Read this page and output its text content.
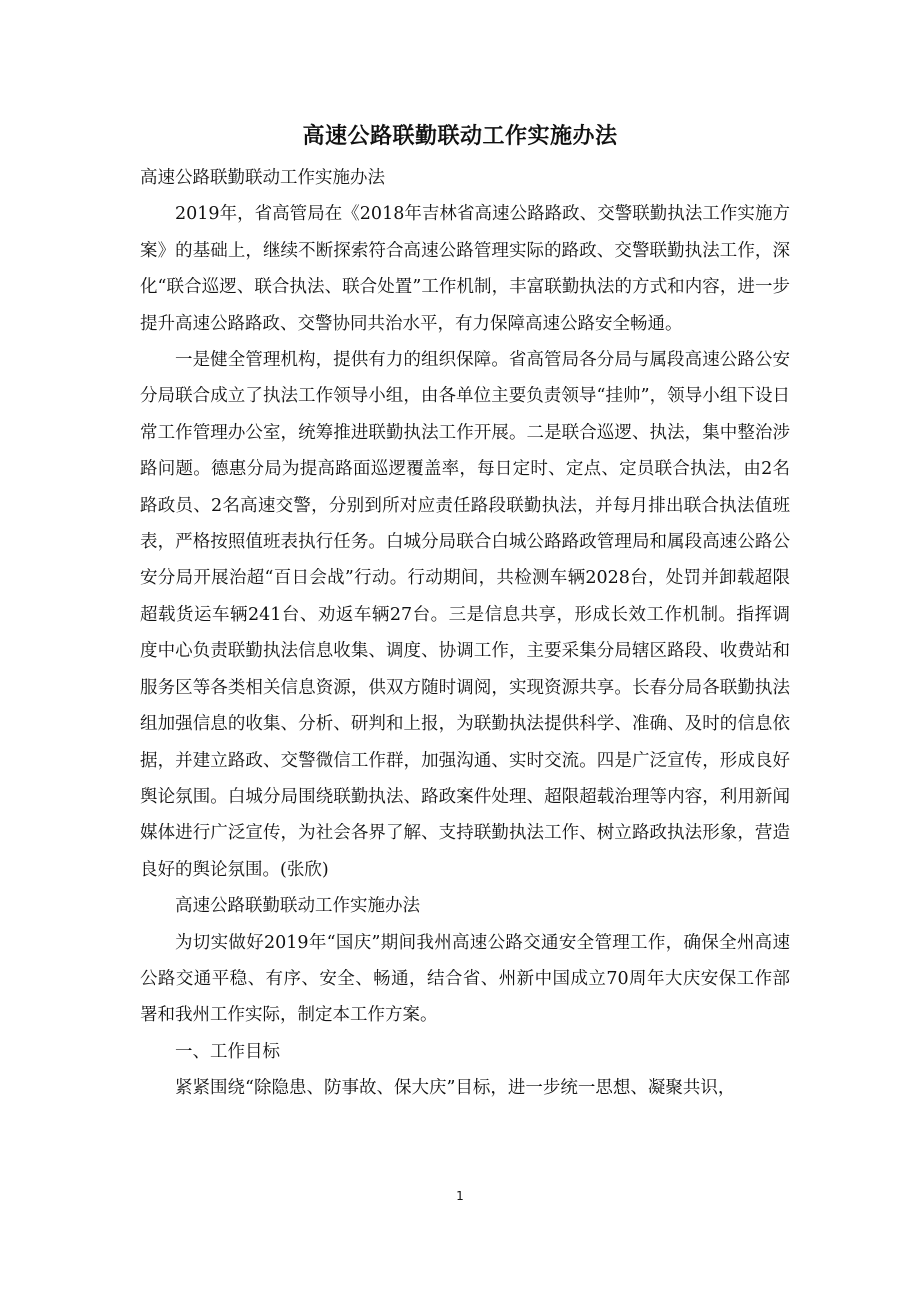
高速公路联勤联动工作实施办法

高速公路联勤联动工作实施办法

2019年，省高管局在《2018年吉林省高速公路路政、交警联勤执法工作实施方案》的基础上，继续不断探索符合高速公路管理实际的路政、交警联勤执法工作，深化“联合巡逻、联合执法、联合处置”工作机制，丰富联勤执法的方式和内容，进一步提升高速公路路政、交警协同共治水平，有力保障高速公路安全畅通。

一是健全管理机构，提供有力的组织保障。省高管局各分局与属段高速公路公安分局联合成立了执法工作领导小组，由各单位主要负责领导“挂帅”，领导小组下设日常工作管理办公室，统筹推进联勤执法工作开展。二是联合巡逻、执法，集中整治涉路问题。德惠分局为提高路面巡逻覆盖率，每日定时、定点、定员联合执法，由2名路政员、2名高速交警，分别到所对应责任路段联勤执法，并每月排出联合执法值班表，严格按照值班表执行任务。白城分局联合白城公路路政管理局和属段高速公路公安分局开展治超“百日会战”行动。行动期间，共检测车辆2028台，处罚并卸载超限超载货运车辆241台、劝返车辆27台。三是信息共享，形成长效工作机制。指挥调度中心负责联勤执法信息收集、调度、协调工作，主要采集分局辖区路段、收费站和服务区等各类相关信息资源，供双方随时调阅，实现资源共享。长春分局各联勤执法组加强信息的收集、分析、研判和上报，为联勤执法提供科学、准确、及时的信息依据，并建立路政、交警微信工作群，加强沟通、实时交流。四是广泛宣传，形成良好舆论氛围。白城分局围绕联勤执法、路政案件处理、超限超载治理等内容，利用新闻媒体进行广泛宣传，为社会各界了解、支持联勤执法工作、树立路政执法形象，营造良好的舆论氛围。(张欣)

高速公路联勤联动工作实施办法

为切实做好2019年“国庆”期间我州高速公路交通安全管理工作，确保全州高速公路交通平稳、有序、安全、畅通，结合省、州新中国成立70周年大庆安保工作部署和我州工作实际，制定本工作方案。

一、工作目标

紧紧围绕“除隐患、防事故、保大庆”目标，进一步统一思想、凝聚共识，

1
